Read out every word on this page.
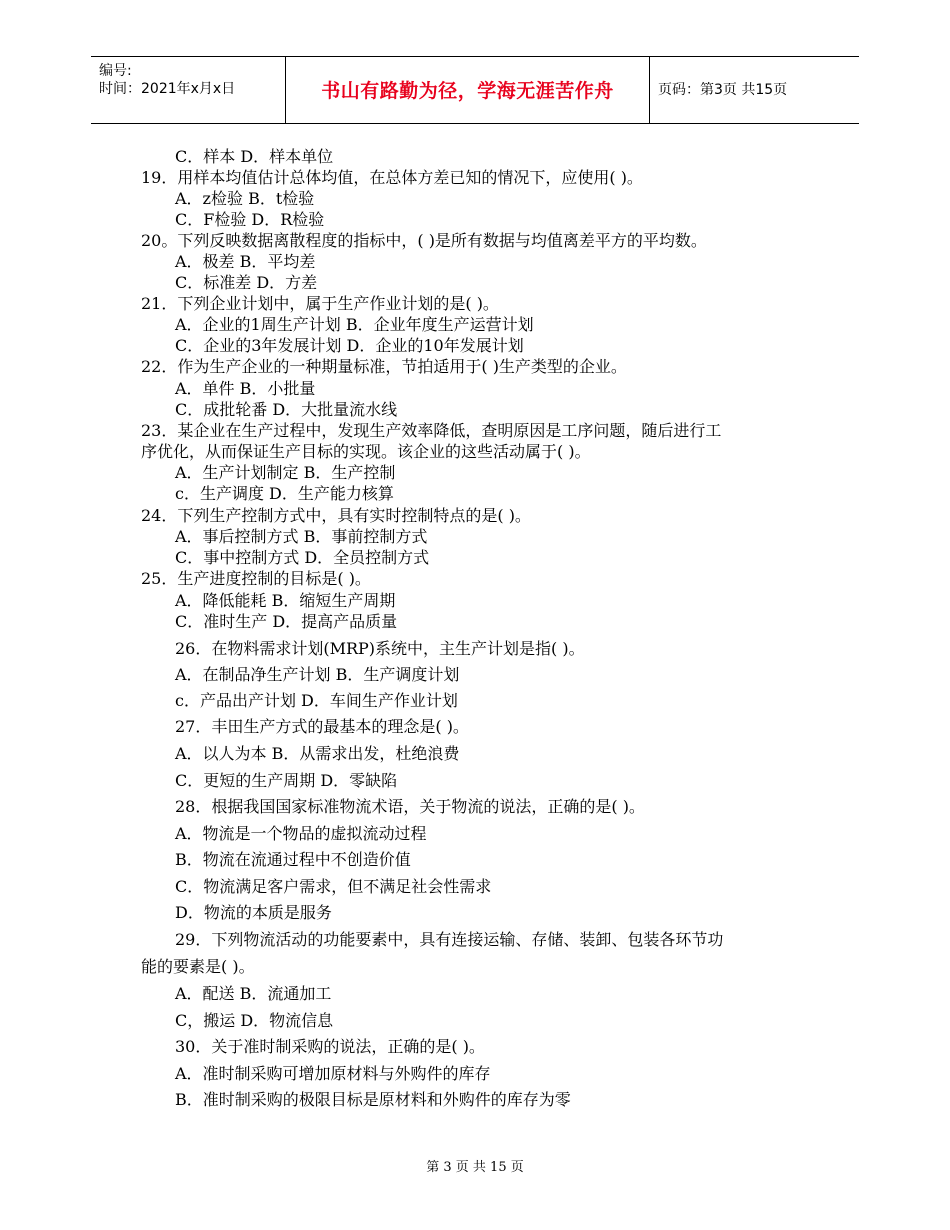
编号:
时间：2021年x月x日	书山有路勤为径，学海无涯苦作舟	页码：第3页 共15页
C．样本 D．样本单位
19．用样本均值估计总体均值，在总体方差已知的情况下，应使用( )。
A．z检验 B．t检验
C．F检验 D．R检验
20。下列反映数据离散程度的指标中，( )是所有数据与均值离差平方的平均数。
A．极差 B．平均差
C．标准差 D．方差
21．下列企业计划中，属于生产作业计划的是( )。
A．企业的1周生产计划 B．企业年度生产运营计划
C．企业的3年发展计划 D．企业的10年发展计划
22．作为生产企业的一种期量标准，节拍适用于( )生产类型的企业。
A．单件 B．小批量
C．成批轮番 D．大批量流水线
23．某企业在生产过程中，发现生产效率降低，查明原因是工序问题，随后进行工
序优化，从而保证生产目标的实现。该企业的这些活动属于( )。
A．生产计划制定 B．生产控制
c．生产调度 D．生产能力核算
24．下列生产控制方式中，具有实时控制特点的是( )。
A．事后控制方式 B．事前控制方式
C．事中控制方式 D．全员控制方式
25．生产进度控制的目标是( )。
A．降低能耗 B．缩短生产周期
C．准时生产 D．提高产品质量
26．在物料需求计划(MRP)系统中，主生产计划是指( )。
A．在制品净生产计划 B．生产调度计划
c．产品出产计划 D．车间生产作业计划
27．丰田生产方式的最基本的理念是( )。
A．以人为本 B．从需求出发，杜绝浪费
C．更短的生产周期 D．零缺陷
28．根据我国国家标准物流术语，关于物流的说法，正确的是( )。
A．物流是一个物品的虚拟流动过程
B．物流在流通过程中不创造价值
C．物流满足客户需求，但不满足社会性需求
D．物流的本质是服务
29．下列物流活动的功能要素中，具有连接运输、存储、装卸、包装各环节功
能的要素是( )。
A．配送 B．流通加工
C，搬运 D．物流信息
30．关于准时制采购的说法，正确的是( )。
A．准时制采购可增加原材料与外购件的库存
B．准时制采购的极限目标是原材料和外购件的库存为零
第 3 页 共 15 页
